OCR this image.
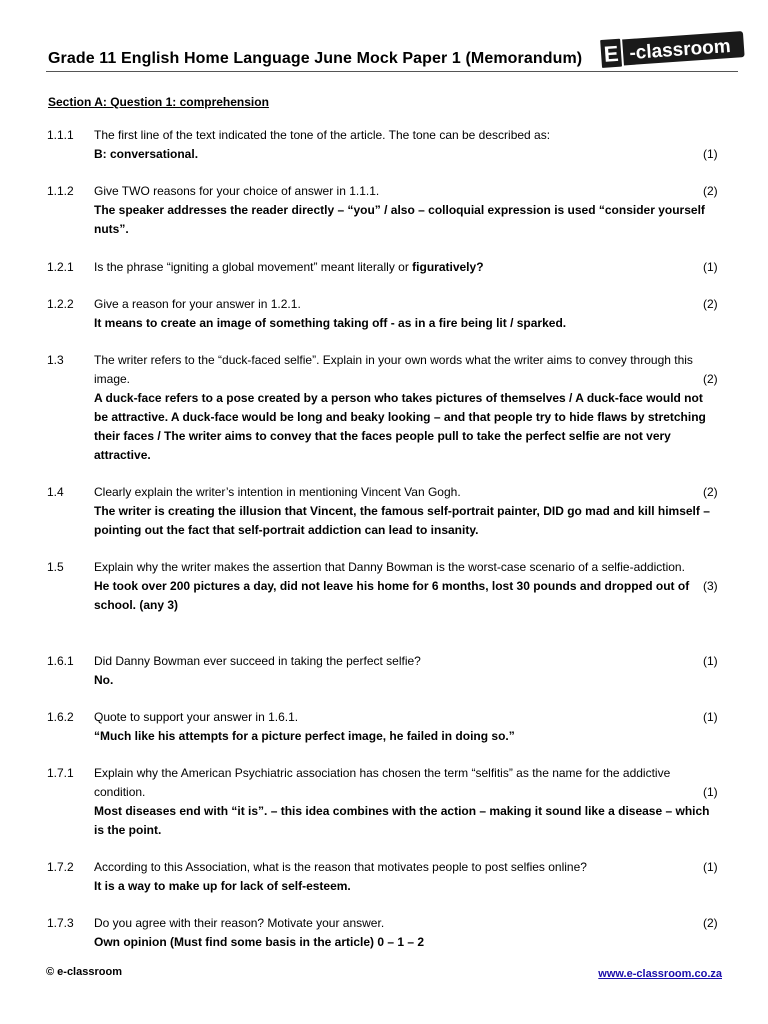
Grade 11 English Home Language June Mock Paper 1 (Memorandum) E -classroom
Section A: Question 1: comprehension
1.1.1 The first line of the text indicated the tone of the article. The tone can be described as:
B: conversational.	(1)
1.1.2 Give TWO reasons for your choice of answer in 1.1.1.
The speaker addresses the reader directly – “you” / also – colloquial expression is used “consider yourself nuts”.
(2)
1.2.1 Is the phrase “igniting a global movement” meant literally or figuratively?	(1)
1.2.2 Give a reason for your answer in 1.2.1.
It means to create an image of something taking off - as in a fire being lit / sparked.
(2)
1.3	The writer refers to the “duck-faced selfie”. Explain in your own words what the writer aims to convey through this image.
A duck-face refers to a pose created by a person who takes pictures of themselves / A duck-face would not be attractive. A duck-face would be long and beaky looking – and that people try to hide flaws by stretching their faces / The writer aims to convey that the faces people pull to take the perfect selfie are not very attractive.
(2)
1.4	Clearly explain the writer’s intention in mentioning Vincent Van Gogh.
The writer is creating the illusion that Vincent, the famous self-portrait painter, DID go mad and kill himself – pointing out the fact that self-portrait addiction can lead to insanity.
(2)
1.5	Explain why the writer makes the assertion that Danny Bowman is the worst-case scenario of a selfie-addiction.
He took over 200 pictures a day, did not leave his home for 6 months, lost 30 pounds and dropped out of school. (any 3)
(3)
1.6.1 Did Danny Bowman ever succeed in taking the perfect selfie?
No.
(1)
1.6.2 Quote to support your answer in 1.6.1.
“Much like his attempts for a picture perfect image, he failed in doing so.”
(1)
1.7.1 Explain why the American Psychiatric association has chosen the term “selfitis” as the name for the addictive condition.
Most diseases end with “it is”. – this idea combines with the action – making it sound like a disease – which is the point.
(1)
1.7.2 According to this Association, what is the reason that motivates people to post selfies online?
It is a way to make up for lack of self-esteem.
(1)
1.7.3 Do you agree with their reason? Motivate your answer.
Own opinion (Must find some basis in the article) 0 – 1 – 2
(2)
© e-classroom	www.e-classroom.co.za
